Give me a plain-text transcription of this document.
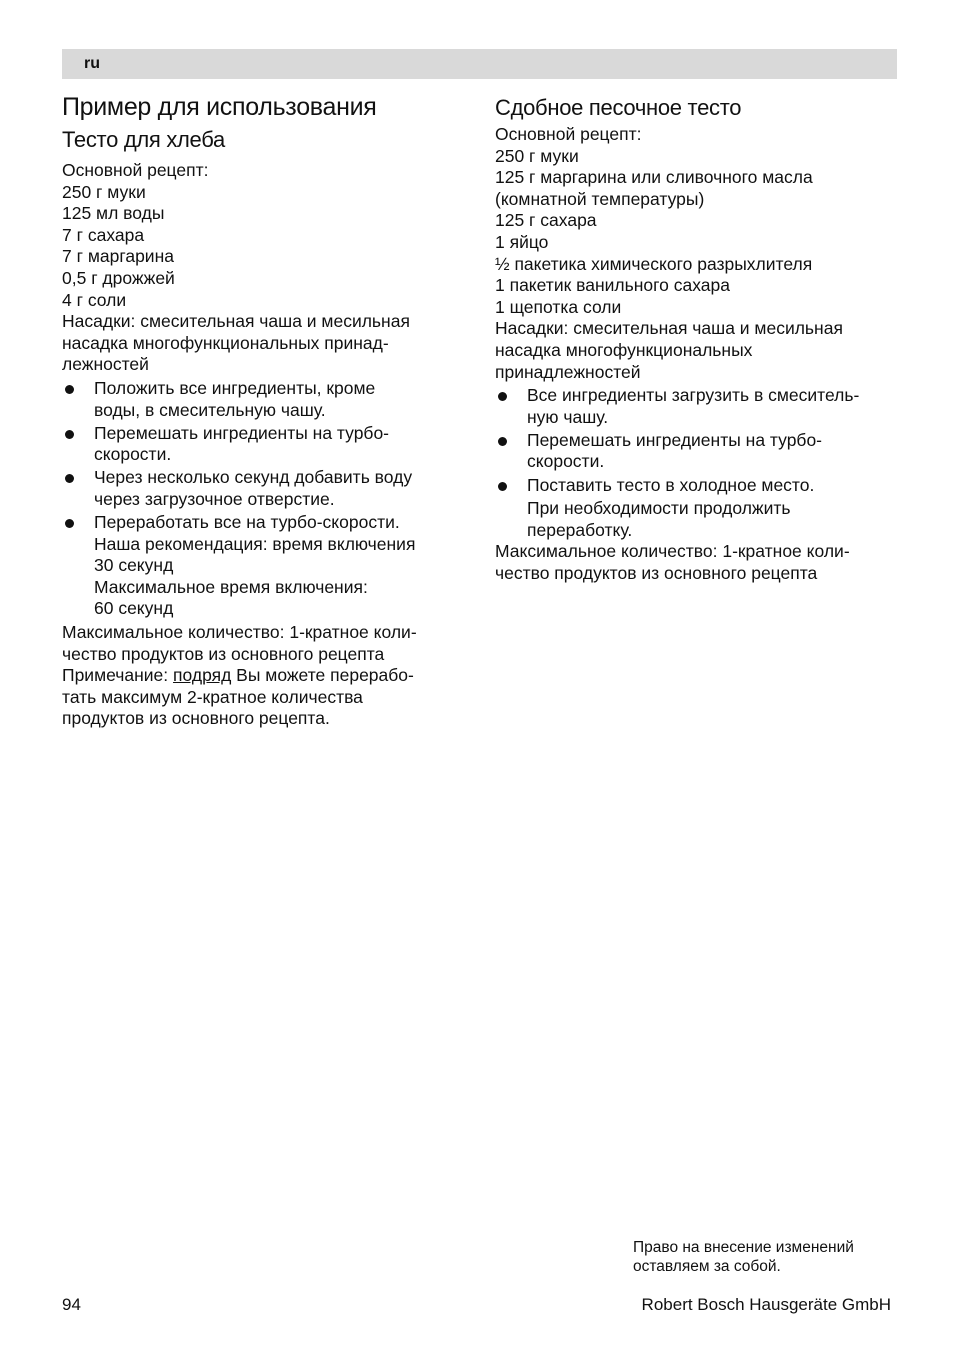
ru
Пример для использования
Тесто для хлеба
Основной рецепт:
250 г муки
125 мл воды
7 г сахара
7 г маргарина
0,5 г дрожжей
4 г соли
Насадки: смесительная чаша и месильная
насадка многофункциональных принад-
лежностей
Положить все ингредиенты, кроме
воды, в смесительную чашу.
Перемешать ингредиенты на турбо-
скорости.
Через несколько секунд добавить воду
через загрузочное отверстие.
Переработать все на турбо-скорости.
Наша рекомендация: время включения
30 секунд
Максимальное время включения:
60 секунд
Максимальное количество: 1-кратное коли-
чество продуктов из основного рецепта
Примечание: подряд Вы можете перерабо-
тать максимум 2-кратное количества
продуктов из основного рецепта.
Сдобное песочное тесто
Основной рецепт:
250 г муки
125 г маргарина или сливочного масла
(комнатной температуры)
125 г сахара
1 яйцо
½ пакетика химического разрыхлителя
1 пакетик ванильного сахара
1 щепотка соли
Насадки: смесительная чаша и месильная
насадка многофункциональных
принадлежностей
Все ингредиенты загрузить в смеситель-
ную чашу.
Перемешать ингредиенты на турбо-
скорости.
Поставить тесто в холодное место.
При необходимости продолжить
переработку.
Максимальное количество: 1-кратное коли-
чество продуктов из основного рецепта
Право на внесение изменений
оставляем за собой.
94	Robert Bosch Hausgeräte GmbH
